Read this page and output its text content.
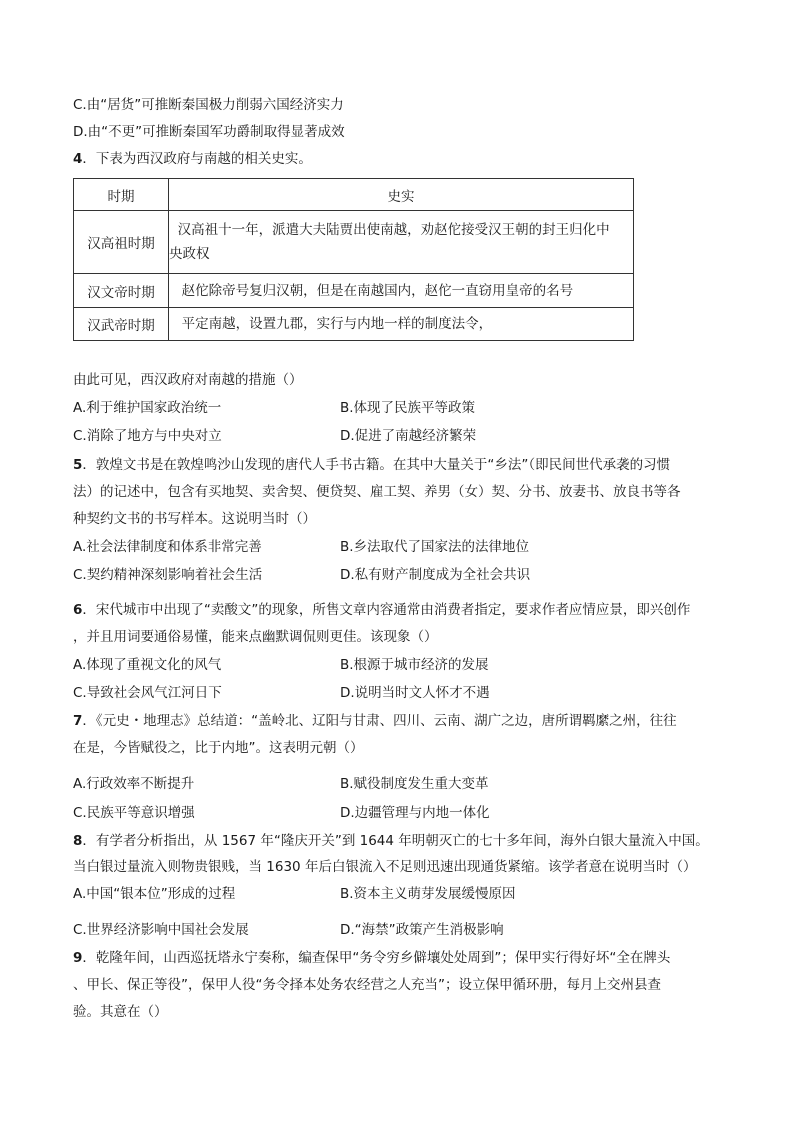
C.由“居货”可推断秦国极力削弱六国经济实力
D.由“不更”可推断秦国军功爵制取得显著成效
4．下表为西汉政府与南越的相关史实。
时期	史实
汉高祖时期	汉高祖十一年，派遣大夫陆贾出使南越，劝赵佗接受汉王朝的封王归化中
央政权

汉文帝时期	赵佗除帝号复归汉朝，但是在南越国内，赵佗一直窃用皇帝的名号

汉武帝时期	平定南越，设置九郡，实行与内地一样的制度法令，
由此可见，西汉政府对南越的措施（）
A.利于维护国家政治统一	B.体现了民族平等政策
C.消除了地方与中央对立	D.促进了南越经济繁荣
5．敦煌文书是在敦煌鸣沙山发现的唐代人手书古籍。在其中大量关于“乡法”（即民间世代承袭的习惯
法）的记述中，包含有买地契、卖舍契、便贷契、雇工契、养男（女）契、分书、放妻书、放良书等各
种契约文书的书写样本。这说明当时（）
A.社会法律制度和体系非常完善	B.乡法取代了国家法的法律地位
C.契约精神深刻影响着社会生活	D.私有财产制度成为全社会共识
6．宋代城市中出现了“卖酸文”的现象，所售文章内容通常由消费者指定，要求作者应情应景，即兴创作
，并且用词要通俗易懂，能来点幽默调侃则更佳。该现象（）
A.体现了重视文化的风气	B.根源于城市经济的发展
C.导致社会风气江河日下	D.说明当时文人怀才不遇
7．《元史・地理志》总结道：“盖岭北、辽阳与甘肃、四川、云南、湖广之边，唐所谓羁縻之州，往往
在是，今皆赋役之，比于内地”。这表明元朝（）
A.行政效率不断提升	B.赋役制度发生重大变革
C.民族平等意识增强	D.边疆管理与内地一体化
8．有学者分析指出，从 1567 年“隆庆开关”到 1644 年明朝灭亡的七十多年间，海外白银大量流入中国。
当白银过量流入则物贵银贱，当 1630 年后白银流入不足则迅速出现通货紧缩。该学者意在说明当时（）
A.中国“银本位”形成的过程	B.资本主义萌芽发展缓慢原因
C.世界经济影响中国社会发展	D.“海禁”政策产生消极影响
9．乾隆年间，山西巡抚塔永宁奏称，编查保甲“务令穷乡僻壤处处周到”；保甲实行得好坏“全在牌头
、甲长、保正等役”，保甲人役“务令择本处务农经营之人充当”；设立保甲循环册，每月上交州县查
验。其意在（）
